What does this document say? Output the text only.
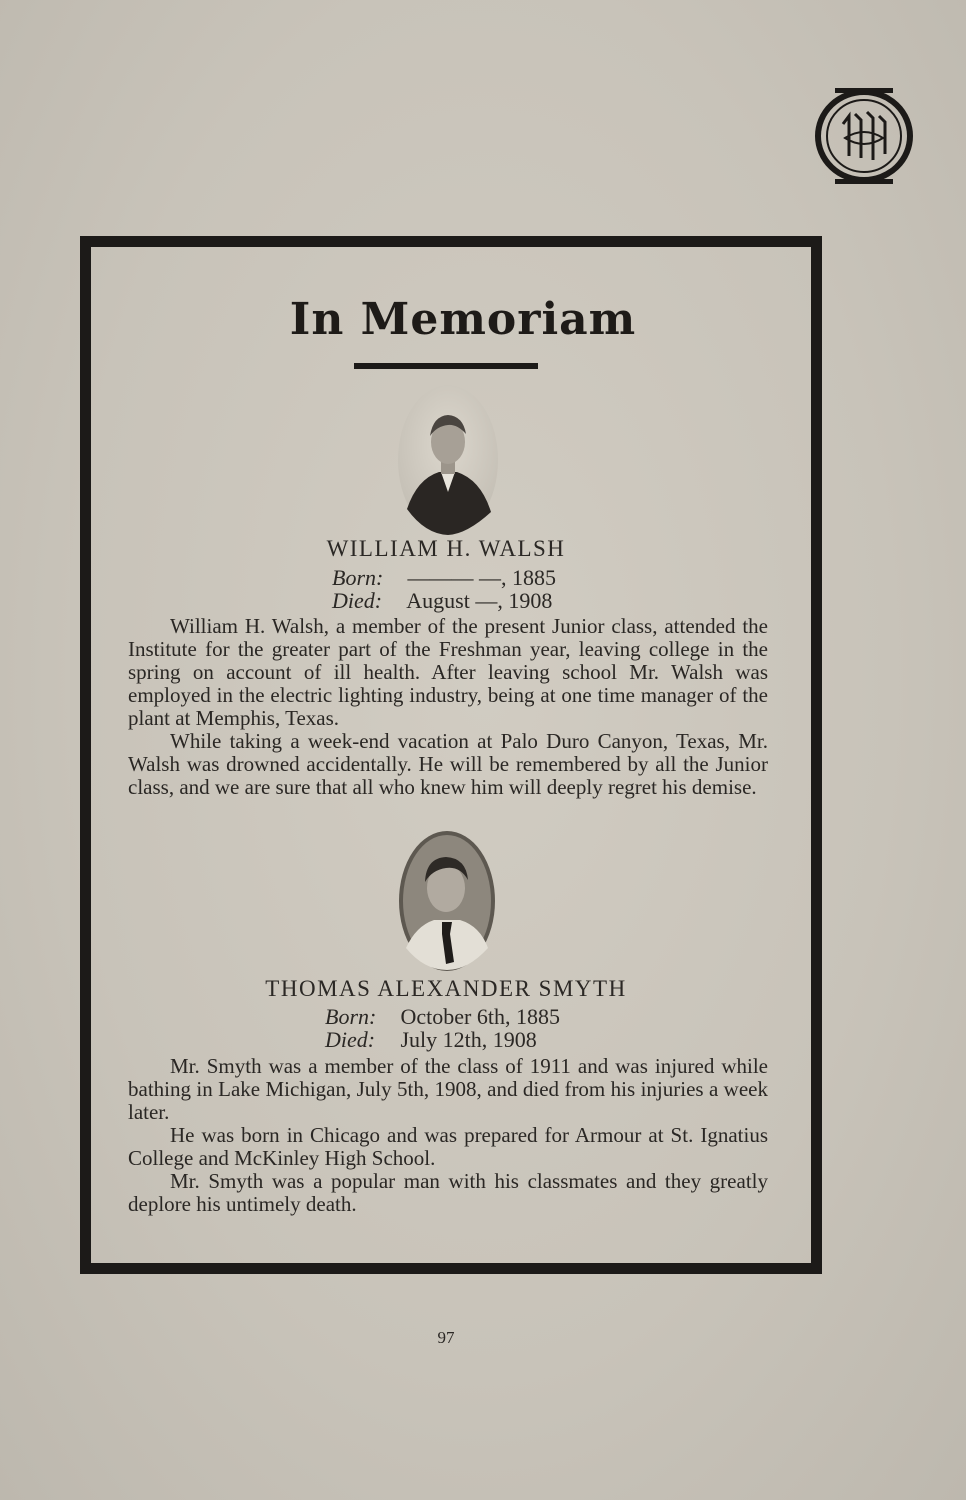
In Memoriam
WILLIAM H. WALSH
Born: ——— —, 1885
Died: August —, 1908

William H. Walsh, a member of the present Junior class, attended the Institute for the greater part of the Freshman year, leaving college in the spring on account of ill health. After leaving school Mr. Walsh was employed in the electric lighting industry, being at one time manager of the plant at Memphis, Texas.

While taking a week-end vacation at Palo Duro Canyon, Texas, Mr. Walsh was drowned accidentally. He will be remembered by all the Junior class, and we are sure that all who knew him will deeply regret his demise.

THOMAS ALEXANDER SMYTH
Born: October 6th, 1885
Died: July 12th, 1908

Mr. Smyth was a member of the class of 1911 and was injured while bathing in Lake Michigan, July 5th, 1908, and died from his injuries a week later.

He was born in Chicago and was prepared for Armour at St. Ignatius College and McKinley High School.

Mr. Smyth was a popular man with his classmates and they greatly deplore his untimely death.

97
